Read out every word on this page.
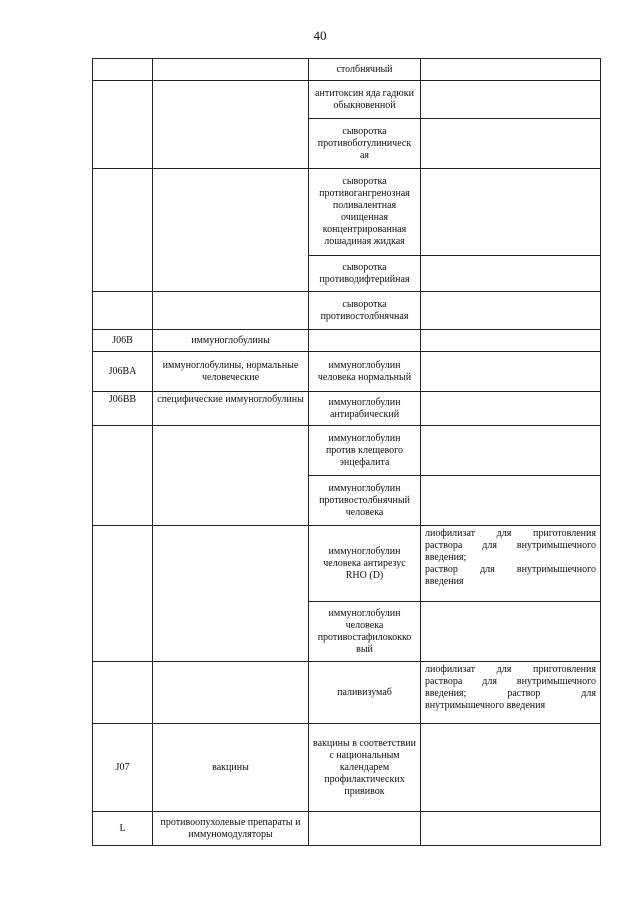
40
		столбнячный	
		антитоксин яда гадюки обыкновенной	
		сыворотка противоботулиническ ая	
		сыворотка противогангренозная поливалентная очищенная концентрированная лошадиная жидкая	
		сыворотка противодифтерийная	
		сыворотка противостолбнячная	
J06B	иммуноглобулины		
J06BA	иммуноглобулины, нормальные человеческие	иммуноглобулин человека нормальный	
J06BB	специфические иммуноглобулины	иммуноглобулин антирабический	
		иммуноглобулин против клещевого энцефалита	
		иммуноглобулин противостолбнячный человека	
		иммуноглобулин человека антирезус RHO (D)	лиофилизат для приготовления раствора для внутримышечного введения;
раствор для внутримышечного введения

		иммуноглобулин человека противостафилококко вый	
		паливизумаб	лиофилизат для приготовления раствора для внутримышечного введения; раствор для внутримышечного введения

J07	вакцины	вакцины в соответствии с национальным календарем профилактических прививок	
L	противоопухолевые препараты и иммуномодуляторы		
